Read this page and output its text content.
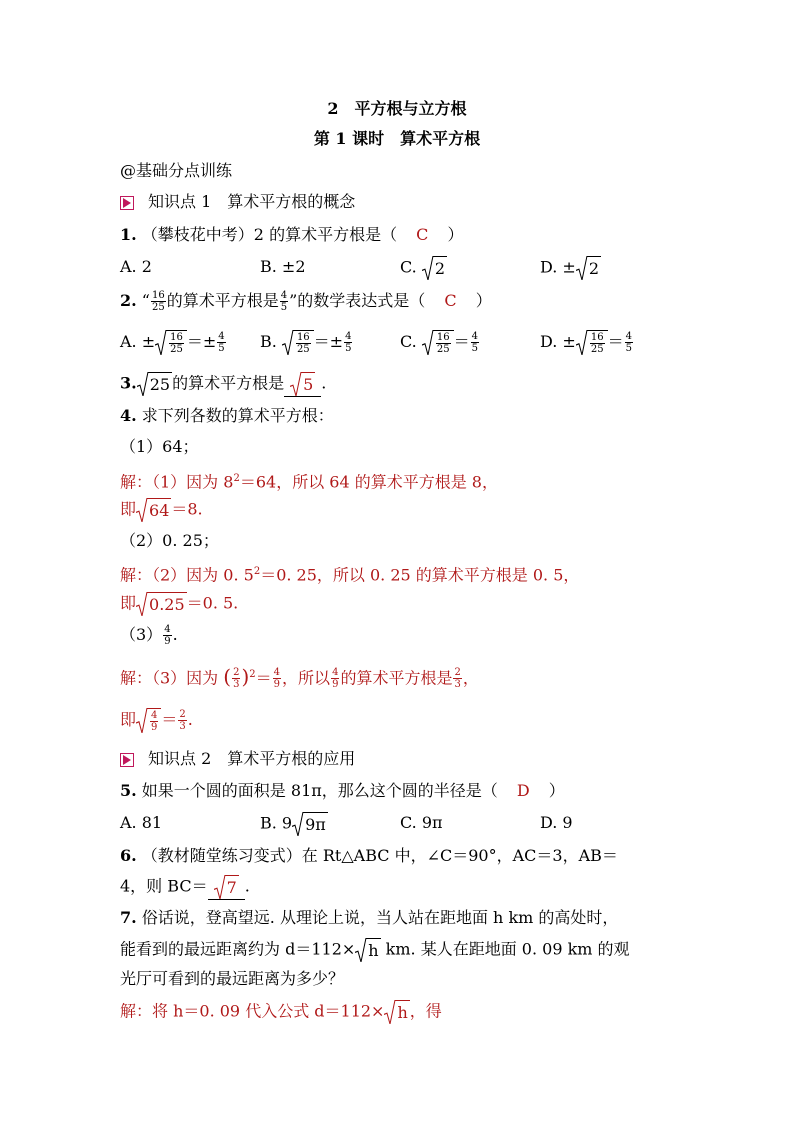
2　平方根与立方根
第 1 课时　算术平方根
@基础分点训练
知识点 1　算术平方根的概念
1. （攀枝花中考）2 的算术平方根是（ C ）
A. 2	B. ±2	C. 2	D. ± 2
2. “ $\frac{16}{25}$ 的算术平方根是 $\frac{4}{5}$ ”的数学表达式是（ C ）
A. ± $\frac{16}{25} =\pm \frac{4}{5} B$. $\frac{16}{25} =\pm \frac{4}{5}$	C. $\frac{16}{25} = \frac{4}{5}$	D. ± $\frac{16}{25} = \frac{4}{5}$
3. 25 的算术平方根是 5 .
4. 求下列各数的算术平方根：
（1）64；
解：（1）因为 $8^2=64$，所以 64 的算术平方根是 8，
即 64 ＝8.
（2）0. 25；
解：（2）因为 0. $5^2=0$. 25，所以 0. 25 的算术平方根是 0. 5，
即 0.25 ＝0. 5.
$(3) \frac{4}{9}$ .
解：（3）因为 ( $\frac{2}{3} )^2= \frac{4}{9}$ ，所以 $\frac{4}{9}$ 的算术平方根是 $\frac{2}{3}$ ，
即 $\frac{4}{9} = \frac{2}{3}$ .
知识点 2　算术平方根的应用
5. 如果一个圆的面积是 81π，那么这个圆的半径是（ D ）
A. 81	B. 9 9π	C. 9π	D. 9
6. （教材随堂练习变式）在 Rt△ABC 中，∠C＝90°，AC＝3，AB＝
4，则 BC＝ 7 .
7. 俗话说，登高望远. 从理论上说，当人站在距地面 h km 的高处时，
能看到的最远距离约为 d＝112× h km. 某人在距地面 0. 09 km 的观
光厅可看到的最远距离为多少？
解：将 h＝0. 09 代入公式 d＝112× h ，得
